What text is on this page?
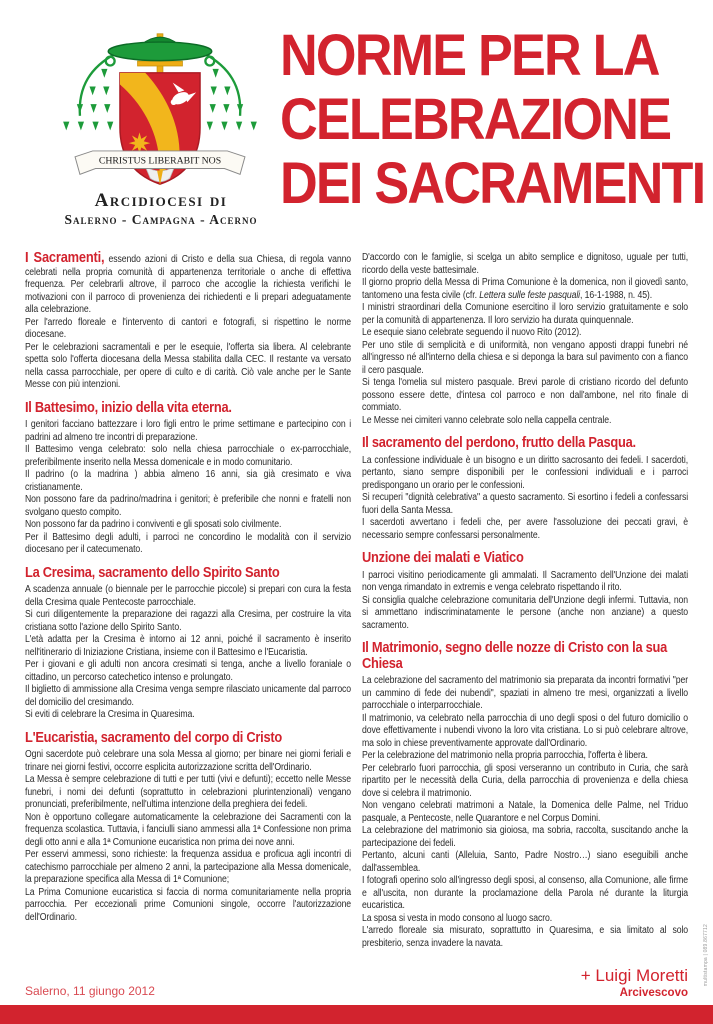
CHRISTUS LIBERABIT NOS
Arcidiocesi di
Salerno - Campagna - Acerno
NORME PER LA
CELEBRAZIONE
DEI SACRAMENTI

I Sacramenti, essendo azioni di Cristo e della sua Chiesa, di regola vanno celebrati nella propria comunità di appartenenza territoriale o anche di effettiva frequenza. Per celebrarli altrove, il parroco che accoglie la richiesta verifichi le motivazioni con il parroco di provenienza dei richiedenti e li prepari adeguatamente alla celebrazione.

Per l'arredo floreale e l'intervento di cantori e fotografi, si rispettino le norme diocesane.

Per le celebrazioni sacramentali e per le esequie, l'offerta sia libera. Al celebrante spetta solo l'offerta diocesana della Messa stabilita dalla CEC. Il restante va versato nella cassa parrocchiale, per opere di culto e di carità. Ciò vale anche per le Sante Messe con più intenzioni.

Il Battesimo, inizio della vita eterna.

I genitori facciano battezzare i loro figli entro le prime settimane e partecipino con i padrini ad almeno tre incontri di preparazione.

Il Battesimo venga celebrato: solo nella chiesa parrocchiale o ex-parrocchiale, preferibilmente inserito nella Messa domenicale e in modo comunitario.

Il padrino (o la madrina ) abbia almeno 16 anni, sia già cresimato e viva cristianamente.

Non possono fare da padrino/madrina i genitori; è preferibile che nonni e fratelli non svolgano questo compito.

Non possono far da padrino i conviventi e gli sposati solo civilmente.

Per il Battesimo degli adulti, i parroci ne concordino le modalità con il servizio diocesano per il catecumenato.

La Cresima, sacramento dello Spirito Santo

A scadenza annuale (o biennale per le parrocchie piccole) si prepari con cura la festa della Cresima quale Pentecoste parrocchiale.

Si curi diligentemente la preparazione dei ragazzi alla Cresima, per costruire la vita cristiana sotto l'azione dello Spirito Santo.

L'età adatta per la Cresima è intorno ai 12 anni, poiché il sacramento è inserito nell'itinerario di Iniziazione Cristiana, insieme con il Battesimo e l'Eucaristia.

Per i giovani e gli adulti non ancora cresimati si tenga, anche a livello foraniale o cittadino, un percorso catechetico intenso e prolungato.

Il biglietto di ammissione alla Cresima venga sempre rilasciato unicamente dal parroco del domicilio del cresimando.

Si eviti di celebrare la Cresima in Quaresima.

L'Eucaristia, sacramento del corpo di Cristo

Ogni sacerdote può celebrare una sola Messa al giorno; per binare nei giorni feriali e trinare nei giorni festivi, occorre esplicita autorizzazione scritta dell'Ordinario.

La Messa è sempre celebrazione di tutti e per tutti (vivi e defunti); eccetto nelle Messe funebri, i nomi dei defunti (soprattutto in celebrazioni plurintenzionali) vengano pronunciati, preferibilmente, nell'ultima intenzione della preghiera dei fedeli.

Non è opportuno collegare automaticamente la celebrazione dei Sacramenti con la frequenza scolastica. Tuttavia, i fanciulli siano ammessi alla 1ª Confessione non prima degli otto anni e alla 1ª Comunione eucaristica non prima dei nove anni.

Per esservi ammessi, sono richieste: la frequenza assidua e proficua agli incontri di catechismo parrocchiale per almeno 2 anni, la partecipazione alla Messa domenicale, la preparazione specifica alla Messa di 1ª Comunione;

La Prima Comunione eucaristica si faccia di norma comunitariamente nella propria parrocchia. Per eccezionali prime Comunioni singole, occorre l'autorizzazione dell'Ordinario.

D'accordo con le famiglie, si scelga un abito semplice e dignitoso, uguale per tutti, ricordo della veste battesimale.

Il giorno proprio della Messa di Prima Comunione è la domenica, non il giovedì santo, tantomeno una festa civile (cfr. Lettera sulle feste pasquali, 16-1-1988, n. 45).

I ministri straordinari della Comunione esercitino il loro servizio gratuitamente e solo per la comunità di appartenenza. Il loro servizio ha durata quinquennale.

Le esequie siano celebrate seguendo il nuovo Rito (2012).

Per uno stile di semplicità e di uniformità, non vengano apposti drappi funebri né all'ingresso né all'interno della chiesa e si deponga la bara sul pavimento con a fianco il cero pasquale.

Si tenga l'omelia sul mistero pasquale. Brevi parole di cristiano ricordo del defunto possono essere dette, d'intesa col parroco e non dall'ambone, nel rito finale di commiato.

Le Messe nei cimiteri vanno celebrate solo nella cappella centrale.

Il sacramento del perdono, frutto della Pasqua.

La confessione individuale è un bisogno e un diritto sacrosanto dei fedeli. I sacerdoti, pertanto, siano sempre disponibili per le confessioni individuali e i parroci predispongano un orario per le confessioni.

Si recuperi "dignità celebrativa" a questo sacramento. Si esortino i fedeli a confessarsi fuori della Santa Messa.

I sacerdoti avvertano i fedeli che, per avere l'assoluzione dei peccati gravi, è necessario sempre confessarsi personalmente.

Unzione dei malati e Viatico

I parroci visitino periodicamente gli ammalati. Il Sacramento dell'Unzione dei malati non venga rimandato in extremis e venga celebrato rispettando il rito.

Si consiglia qualche celebrazione comunitaria dell'Unzione degli infermi. Tuttavia, non si ammettano indiscriminatamente le persone (anche non anziane) a questo sacramento.

Il Matrimonio, segno delle nozze di Cristo con la sua Chiesa

La celebrazione del sacramento del matrimonio sia preparata da incontri formativi "per un cammino di fede dei nubendi", spaziati in almeno tre mesi, organizzati a livello parrocchiale o interparrocchiale.

Il matrimonio, va celebrato nella parrocchia di uno degli sposi o del futuro domicilio o dove effettivamente i nubendi vivono la loro vita cristiana. Lo si può celebrare altrove, ma solo in chiese preventivamente approvate dall'Ordinario.

Per la celebrazione del matrimonio nella propria parrocchia, l'offerta è libera.

Per celebrarlo fuori parrocchia, gli sposi verseranno un contributo in Curia, che sarà ripartito per le necessità della Curia, della parrocchia di provenienza e della chiesa dove si celebra il matrimonio.

Non vengano celebrati matrimoni a Natale, la Domenica delle Palme, nel Triduo pasquale, a Pentecoste, nelle Quarantore e nel Corpus Domini.

La celebrazione del matrimonio sia gioiosa, ma sobria, raccolta, suscitando anche la partecipazione dei fedeli.

Pertanto, alcuni canti (Alleluia, Santo, Padre Nostro…) siano eseguibili anche dall'assemblea.

I fotografi operino solo all'ingresso degli sposi, al consenso, alla Comunione, alle firme e all'uscita, non durante la proclamazione della Parola né durante la liturgia eucaristica.

La sposa si vesta in modo consono al luogo sacro.

L'arredo floreale sia misurato, soprattutto in Quaresima, e sia limitato al solo presbiterio, senza invadere la navata.

Salerno, 11 giungo 2012
+ Luigi Moretti
Arcivescovo
multistampa | 089.867712
